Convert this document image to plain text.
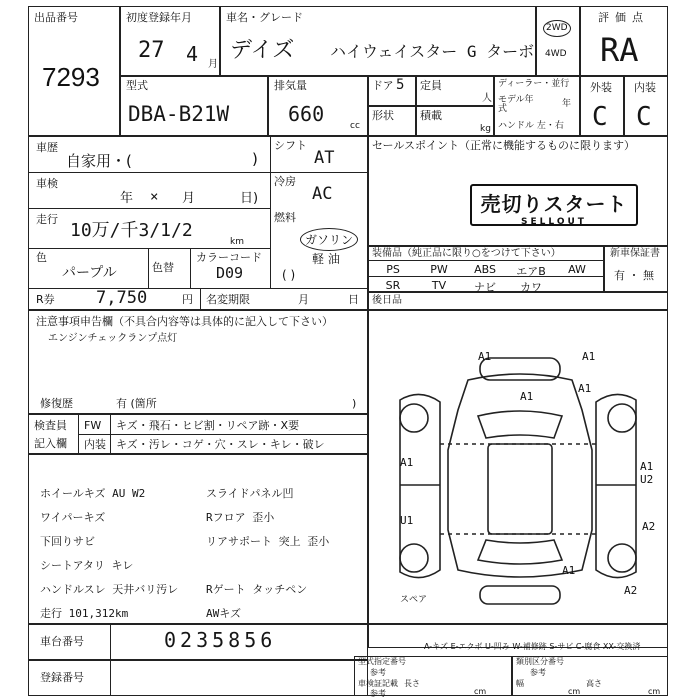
出品番号
7293
初度登録年月
27 4 月
車名・グレード
デイズ ハイウェイスター G ターボ
2WD
4WD
評価点
RA
型式
DBA-B21W
排気量
660	cc
ドア 5 定員
人
形状 積載
kg
ディーラー・並行
モデル年式	年
ハンドル 左・右
外装
C
内装
C
車歴
自家用・(	)
シフト
AT
車検
年 × 月	日)
冷房
AC
走行
10万/千3/1/2
km
燃料
ガソリン
軽 油
( )
色
パープル	色替
カラーコード
D09
R券 7,750	円 名変期限	月	日
セールスポイント（正常に機能するものに限ります）
売切りスタート
SELLOUT
装備品（純正品に限り○をつけて下さい）
PS	PW	ABS	エアB	AW
SR	TV	ナビ	カワ
新車保証書
有 ・ 無
後日品
注意事項申告欄（不具合内容等は具体的に記入して下さい）
エンジンチェックランプ点灯
修復歴	有 (箇所	)
検査員
記入欄
FW キズ・飛石・ヒビ割・リペア跡・X要
内装 キズ・汚レ・コゲ・穴・スレ・キレ・破レ
ホイールキズ AU W2
ワイパーキズ
下回りサビ
シートアタリ キレ
ハンドルスレ 天井バリ汚レ
走行 101,312km
スライドパネル凹
Rフロア 歪小
リアサポート 突上 歪小
Rゲート タッチペン
AWキズ
A1	A1
A1
A1
A1	A1 U2
U1	A2
A1
A2
スペア
車台番号	0235856
登録番号
A-キズ E-エクボ U-凹み W-補修跡 S-サビ C-腐食 XX-交換済
型式指定番号
参考
車検証記載
参考
長さ
cm
類別区分番号
参考
幅
cm
高さ
cm
